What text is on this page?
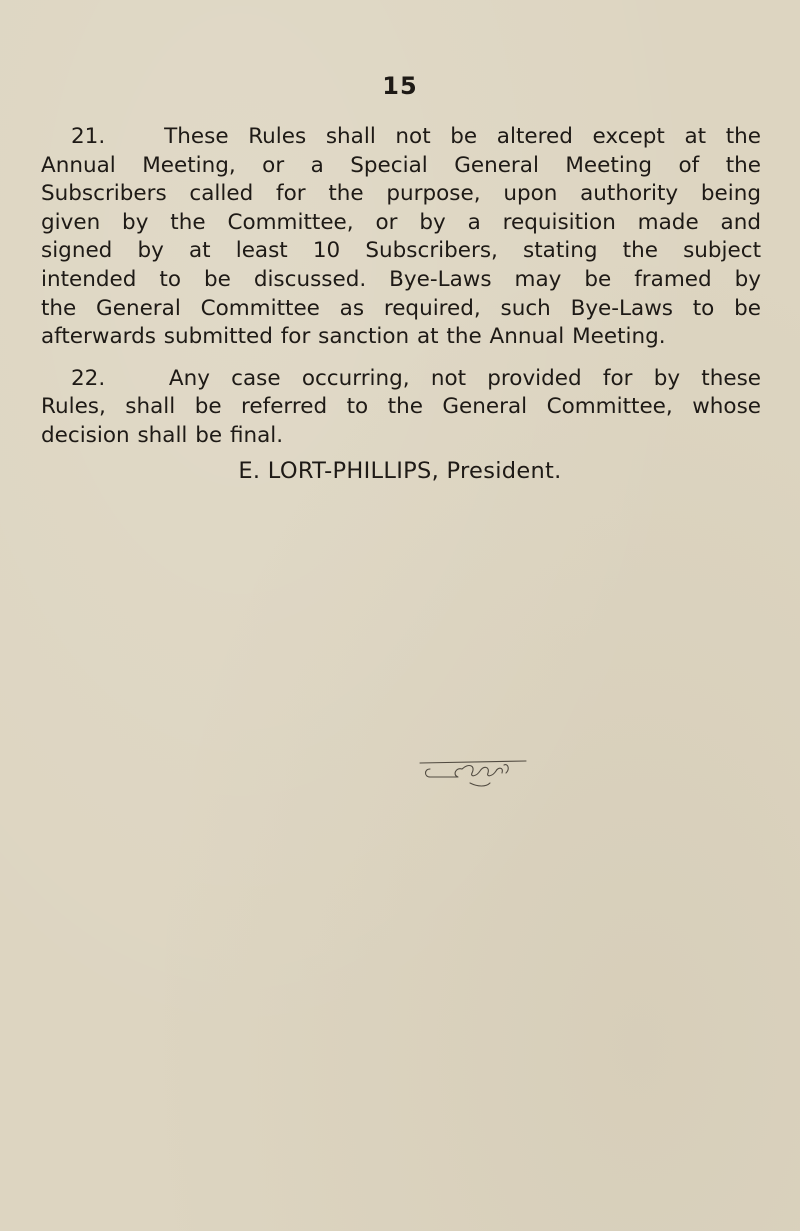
15

21.	These Rules shall not be altered except at the
Annual Meeting, or a Special General Meeting of the
Subscribers called for the purpose, upon authority being
given by the Committee, or by a requisition made and
signed by at least 10 Subscribers, stating the subject
intended to be discussed. Bye-Laws may be framed by
the General Committee as required, such Bye-Laws to be
afterwards submitted for sanction at the Annual Meeting.

22.	Any case occurring, not provided for by these
Rules, shall be referred to the General Committee, whose
decision shall be final.

E. LORT-PHILLIPS, President.
